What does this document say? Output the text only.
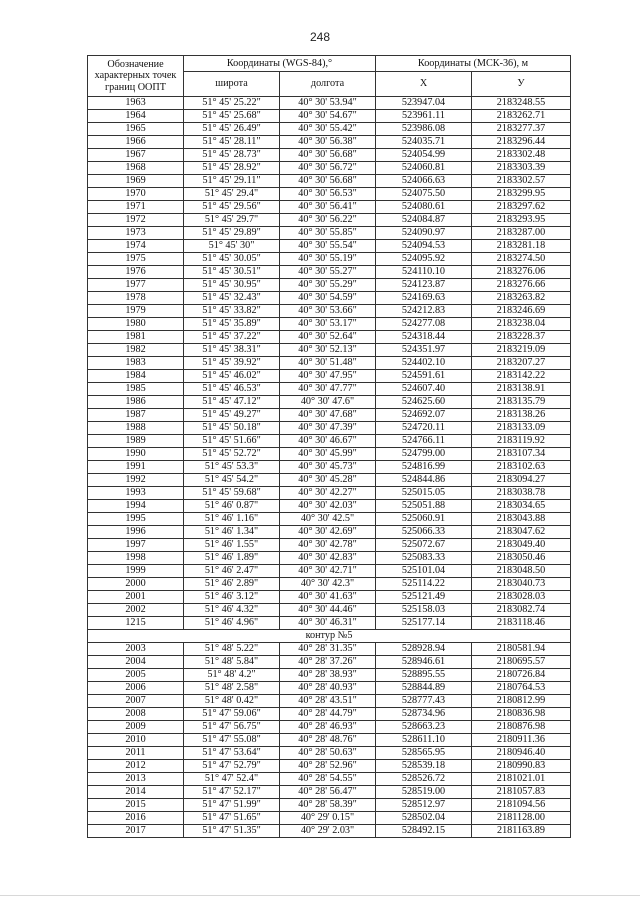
248
Обозначение характерных точек границ ООПТ	Координаты (WGS-84),°		Координаты (МСК-36), м	
	широта	долгота	X	У
1963	51° 45' 25.22"	40° 30' 53.94"	523947.04	2183248.55
1964	51° 45' 25.68"	40° 30' 54.67"	523961.11	2183262.71
1965	51° 45' 26.49"	40° 30' 55.42"	523986.08	2183277.37
1966	51° 45' 28.11"	40° 30' 56.38"	524035.71	2183296.44
1967	51° 45' 28.73"	40° 30' 56.68"	524054.99	2183302.48
1968	51° 45' 28.92"	40° 30' 56.72"	524060.81	2183303.39
1969	51° 45' 29.11"	40° 30' 56.68"	524066.63	2183302.57
1970	51° 45' 29.4"	40° 30' 56.53"	524075.50	2183299.95
1971	51° 45' 29.56"	40° 30' 56.41"	524080.61	2183297.62
1972	51° 45' 29.7"	40° 30' 56.22"	524084.87	2183293.95
1973	51° 45' 29.89"	40° 30' 55.85"	524090.97	2183287.00
1974	51° 45' 30"	40° 30' 55.54"	524094.53	2183281.18
1975	51° 45' 30.05"	40° 30' 55.19"	524095.92	2183274.50
1976	51° 45' 30.51"	40° 30' 55.27"	524110.10	2183276.06
1977	51° 45' 30.95"	40° 30' 55.29"	524123.87	2183276.66
1978	51° 45' 32.43"	40° 30' 54.59"	524169.63	2183263.82
1979	51° 45' 33.82"	40° 30' 53.66"	524212.83	2183246.69
1980	51° 45' 35.89"	40° 30' 53.17"	524277.08	2183238.04
1981	51° 45' 37.22"	40° 30' 52.64"	524318.44	2183228.37
1982	51° 45' 38.31"	40° 30' 52.13"	524351.97	2183219.09
1983	51° 45' 39.92"	40° 30' 51.48"	524402.10	2183207.27
1984	51° 45' 46.02"	40° 30' 47.95"	524591.61	2183142.22
1985	51° 45' 46.53"	40° 30' 47.77"	524607.40	2183138.91
1986	51° 45' 47.12"	40° 30' 47.6"	524625.60	2183135.79
1987	51° 45' 49.27"	40° 30' 47.68"	524692.07	2183138.26
1988	51° 45' 50.18"	40° 30' 47.39"	524720.11	2183133.09
1989	51° 45' 51.66"	40° 30' 46.67"	524766.11	2183119.92
1990	51° 45' 52.72"	40° 30' 45.99"	524799.00	2183107.34
1991	51° 45' 53.3"	40° 30' 45.73"	524816.99	2183102.63
1992	51° 45' 54.2"	40° 30' 45.28"	524844.86	2183094.27
1993	51° 45' 59.68"	40° 30' 42.27"	525015.05	2183038.78
1994	51° 46' 0.87"	40° 30' 42.03"	525051.88	2183034.65
1995	51° 46' 1.16"	40° 30' 42.5"	525060.91	2183043.88
1996	51° 46' 1.34"	40° 30' 42.69"	525066.33	2183047.62
1997	51° 46' 1.55"	40° 30' 42.78"	525072.67	2183049.40
1998	51° 46' 1.89"	40° 30' 42.83"	525083.33	2183050.46
1999	51° 46' 2.47"	40° 30' 42.71"	525101.04	2183048.50
2000	51° 46' 2.89"	40° 30' 42.3"	525114.22	2183040.73
2001	51° 46' 3.12"	40° 30' 41.63"	525121.49	2183028.03
2002	51° 46' 4.32"	40° 30' 44.46"	525158.03	2183082.74
1215	51° 46' 4.96"	40° 30' 46.31"	525177.14	2183118.46
контур №5				
2003	51° 48' 5.22"	40° 28' 31.35"	528928.94	2180581.94
2004	51° 48' 5.84"	40° 28' 37.26"	528946.61	2180695.57
2005	51° 48' 4.2"	40° 28' 38.93"	528895.55	2180726.84
2006	51° 48' 2.58"	40° 28' 40.93"	528844.89	2180764.53
2007	51° 48' 0.42"	40° 28' 43.51"	528777.43	2180812.99
2008	51° 47' 59.06"	40° 28' 44.79"	528734.96	2180836.98
2009	51° 47' 56.75"	40° 28' 46.93"	528663.23	2180876.98
2010	51° 47' 55.08"	40° 28' 48.76"	528611.10	2180911.36
2011	51° 47' 53.64"	40° 28' 50.63"	528565.95	2180946.40
2012	51° 47' 52.79"	40° 28' 52.96"	528539.18	2180990.83
2013	51° 47' 52.4"	40° 28' 54.55"	528526.72	2181021.01
2014	51° 47' 52.17"	40° 28' 56.47"	528519.00	2181057.83
2015	51° 47' 51.99"	40° 28' 58.39"	528512.97	2181094.56
2016	51° 47' 51.65"	40° 29' 0.15"	528502.04	2181128.00
2017	51° 47' 51.35"	40° 29' 2.03"	528492.15	2181163.89
